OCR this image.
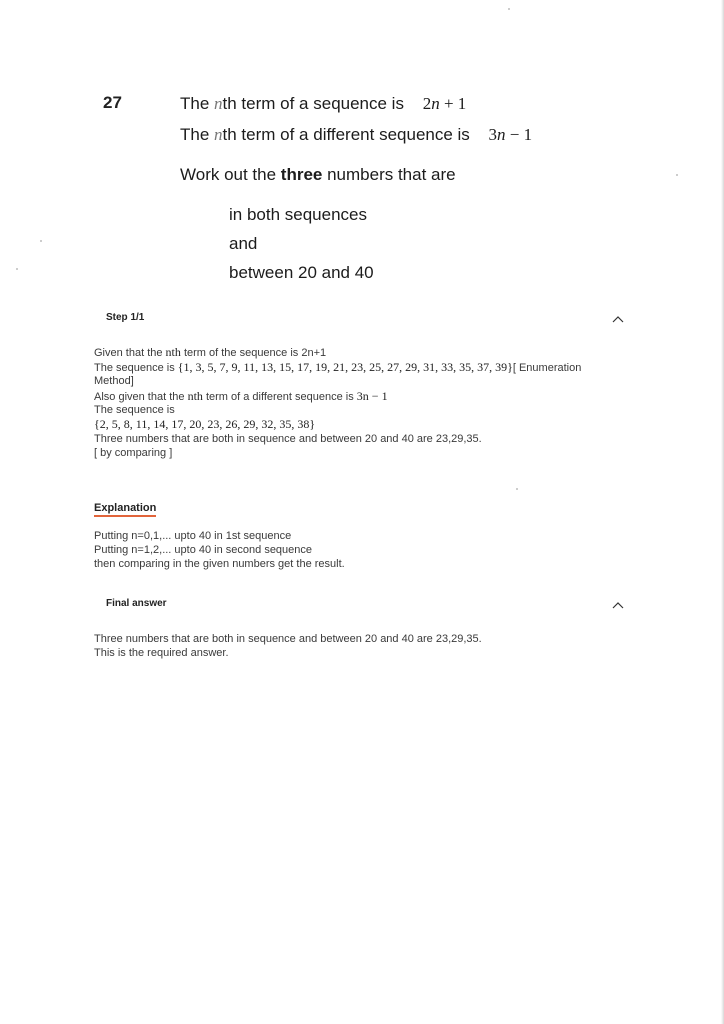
27	The nth term of a sequence is 2n + 1
The nth term of a different sequence is 3n − 1
Work out the three numbers that are
in both sequences
and
between 20 and 40
Step 1/1
Given that the nth term of the sequence is 2n+1
The sequence is {1, 3, 5, 7, 9, 11, 13, 15, 17, 19, 21, 23, 25, 27, 29, 31, 33, 35, 37, 39}[ Enumeration
Method]
Also given that the nth term of a different sequence is 3n − 1
The sequence is
{2, 5, 8, 11, 14, 17, 20, 23, 26, 29, 32, 35, 38}
Three numbers that are both in sequence and between 20 and 40 are 23,29,35.
[ by comparing ]
Explanation
Putting n=0,1,... upto 40 in 1st sequence
Putting n=1,2,... upto 40 in second sequence
then comparing in the given numbers get the result.
Final answer
Three numbers that are both in sequence and between 20 and 40 are 23,29,35.
This is the required answer.
